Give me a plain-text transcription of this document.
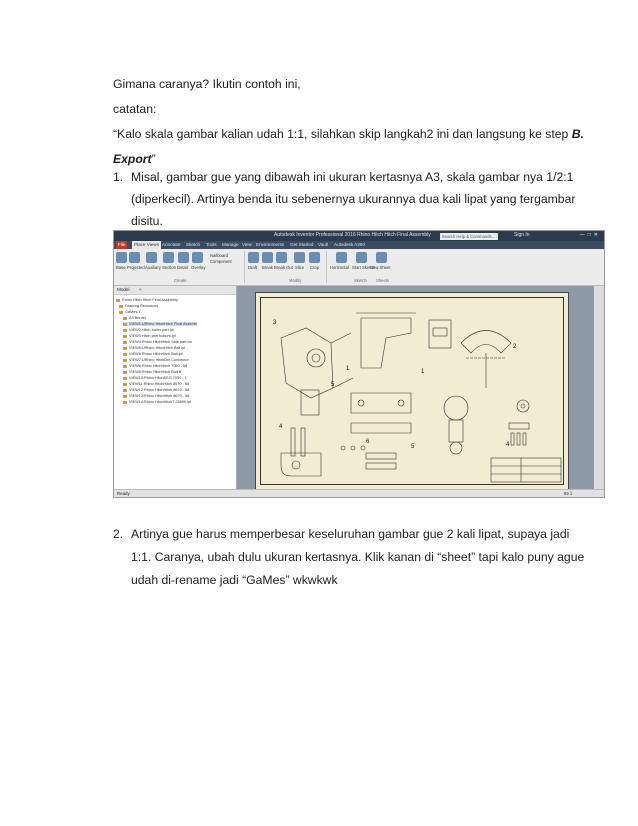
Gimana caranya? Ikutin contoh ini,
catatan:
“Kalo skala gambar kalian udah 1:1, silahkan skip langkah2 ini dan langsung ke step B.
Export”
1. Misal, gambar gue yang dibawah ini ukuran kertasnya A3, skala gambar nya 1/2:1
(diperkecil). Artinya benda itu sebenernya ukurannya dua kali lipat yang tergambar
disitu.
Autodesk Inventor Professional 2016 Rhino Hitch Hitch Final Assembly	Search Help & Commands...	Sign In	—□✕
File	Place Views Annotate Sketch Tools Manage View Environments Get Started Vault Autodesk A360
Base Projected Auxiliary Section Detail Overlay
Nailboard
Component
Create
Draft Break Break Out Slice Crop
Modify
Horizontal Start Sketch
New Sheet
Sketch Sheets
Model +
Rhino Hitch Hitch Final Assembly
Drawing Resources
GaMes:1
A3 Border
VIEW1:URhino HitchHitch Final Assemb
VIEW2:Hitch trailer part.ipt
VIEW3:Hitch part bottom.ipt
VIEW4:Rhino HitchHitch Side part bo
VIEW5:URhino HitchHitch Ball.ipt
VIEW6:Rhino HitchHitch Ball.ipt
VIEW7:URhino HitchDet Connector
VIEW8:Rhino HitchHitch 7050 - 68
VIEW9:Rhino HitchHitch Bolt B
VIEW10:Rhino HitchDEG 7050 - 1
VIEW11:Rhino HitchHitch 8670 - 68
VIEW12:Rhino HitchHitch 8670 - 68
VIEW13:Rhino HitchHitch 8670 - 68
VIEW14:Rhino HitchHitch7 28899.ipt
3
1
5
1
6
5
4
2
4
Ready	59 1
2. Artinya gue harus memperbesar keseluruhan gambar gue 2 kali lipat, supaya jadi
1:1. Caranya, ubah dulu ukuran kertasnya. Klik kanan di “sheet” tapi kalo puny ague
udah di-rename jadi “GaMes” wkwkwk
